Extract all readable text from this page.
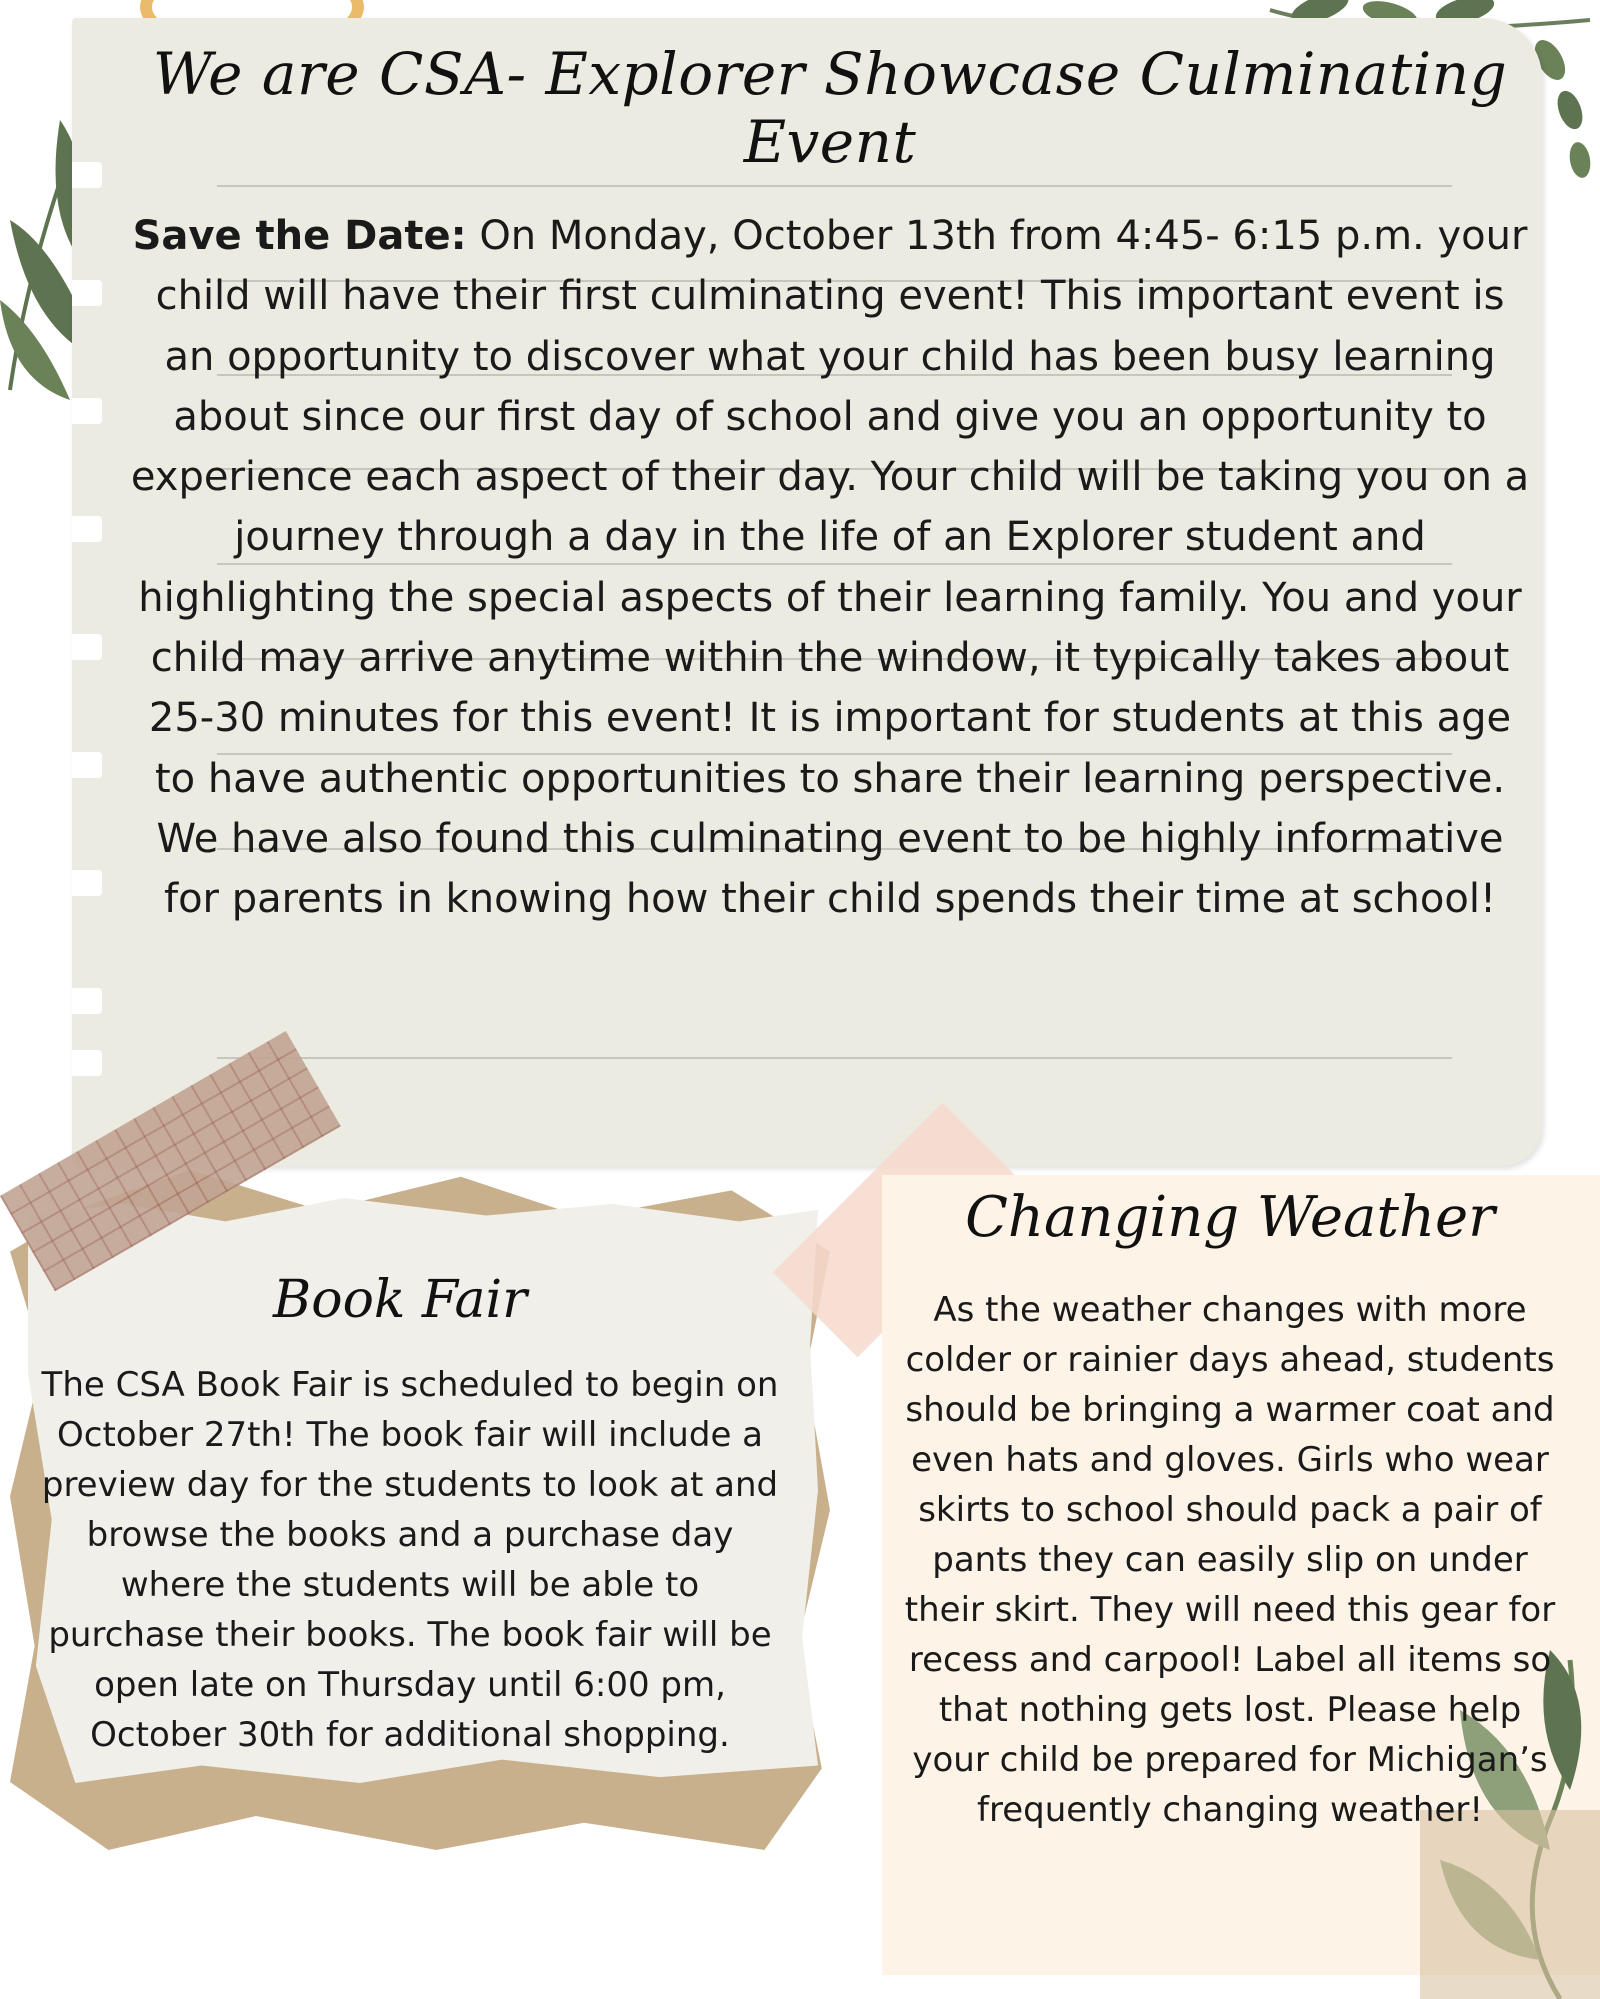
We are CSA- Explorer Showcase Culminating Event
Save the Date: On Monday, October 13th from 4:45- 6:15 p.m. your child will have their first culminating event! This important event is an opportunity to discover what your child has been busy learning about since our first day of school and give you an opportunity to experience each aspect of their day. Your child will be taking you on a journey through a day in the life of an Explorer student and highlighting the special aspects of their learning family. You and your child may arrive anytime within the window, it typically takes about 25-30 minutes for this event! It is important for students at this age to have authentic opportunities to share their learning perspective. We have also found this culminating event to be highly informative for parents in knowing how their child spends their time at school!
Book Fair
The CSA Book Fair is scheduled to begin on October 27th! The book fair will include a preview day for the students to look at and browse the books and a purchase day where the students will be able to purchase their books. The book fair will be open late on Thursday until 6:00 pm, October 30th for additional shopping.
Changing Weather
As the weather changes with more colder or rainier days ahead, students should be bringing a warmer coat and even hats and gloves. Girls who wear skirts to school should pack a pair of pants they can easily slip on under their skirt. They will need this gear for recess and carpool! Label all items so that nothing gets lost. Please help your child be prepared for Michigan’s frequently changing weather!
